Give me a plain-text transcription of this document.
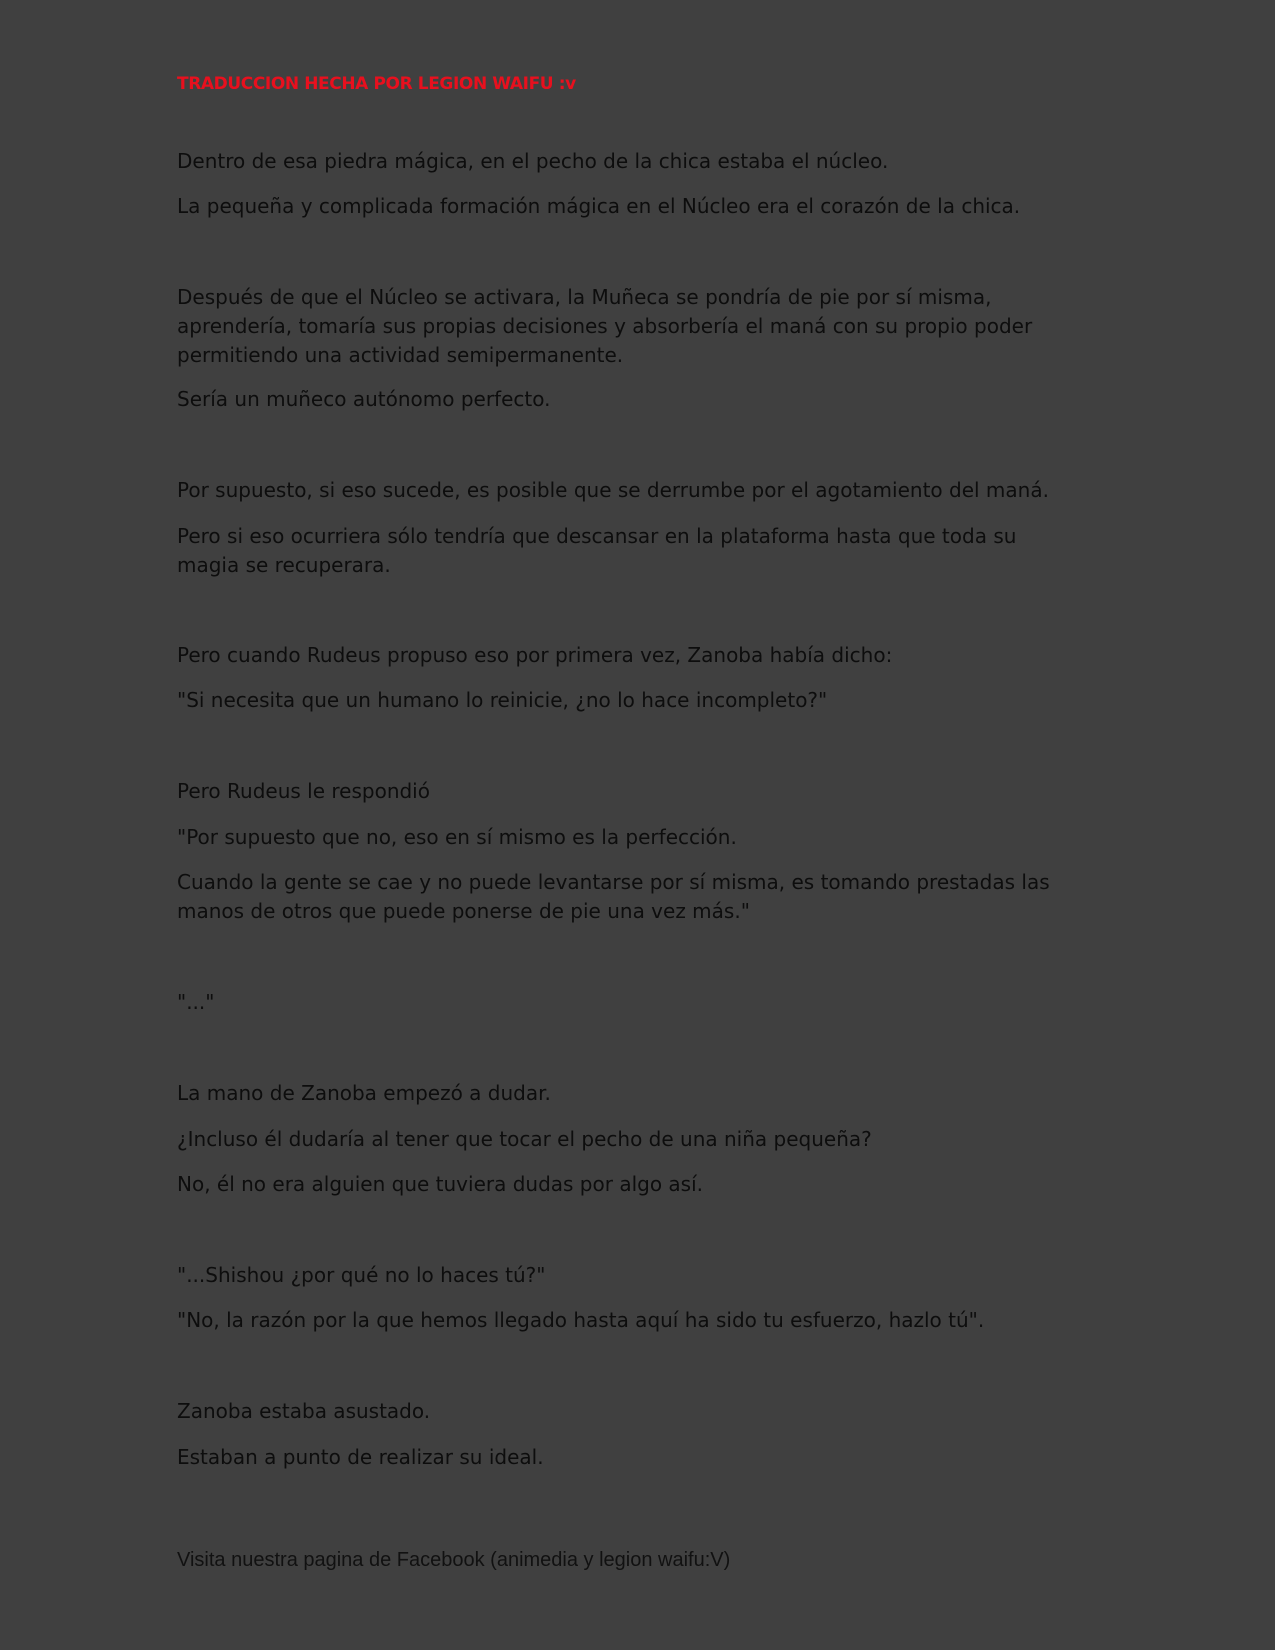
TRADUCCION HECHA POR LEGION WAIFU :v

Dentro de esa piedra mágica, en el pecho de la chica estaba el núcleo.

La pequeña y complicada formación mágica en el Núcleo era el corazón de la chica.

Después de que el Núcleo se activara, la Muñeca se pondría de pie por sí misma, aprendería, tomaría sus propias decisiones y absorbería el maná con su propio poder permitiendo una actividad semipermanente.

Sería un muñeco autónomo perfecto.

Por supuesto, si eso sucede, es posible que se derrumbe por el agotamiento del maná.

Pero si eso ocurriera sólo tendría que descansar en la plataforma hasta que toda su magia se recuperara.

Pero cuando Rudeus propuso eso por primera vez, Zanoba había dicho:

"Si necesita que un humano lo reinicie, ¿no lo hace incompleto?"

Pero Rudeus le respondió

"Por supuesto que no, eso en sí mismo es la perfección.

Cuando la gente se cae y no puede levantarse por sí misma, es tomando prestadas las manos de otros que puede ponerse de pie una vez más."

"..."

La mano de Zanoba empezó a dudar.

¿Incluso él dudaría al tener que tocar el pecho de una niña pequeña?

No, él no era alguien que tuviera dudas por algo así.

"...Shishou ¿por qué no lo haces tú?"

"No, la razón por la que hemos llegado hasta aquí ha sido tu esfuerzo, hazlo tú".

Zanoba estaba asustado.

Estaban a punto de realizar su ideal.

Visita nuestra pagina de Facebook (animedia y legion waifu:V)
